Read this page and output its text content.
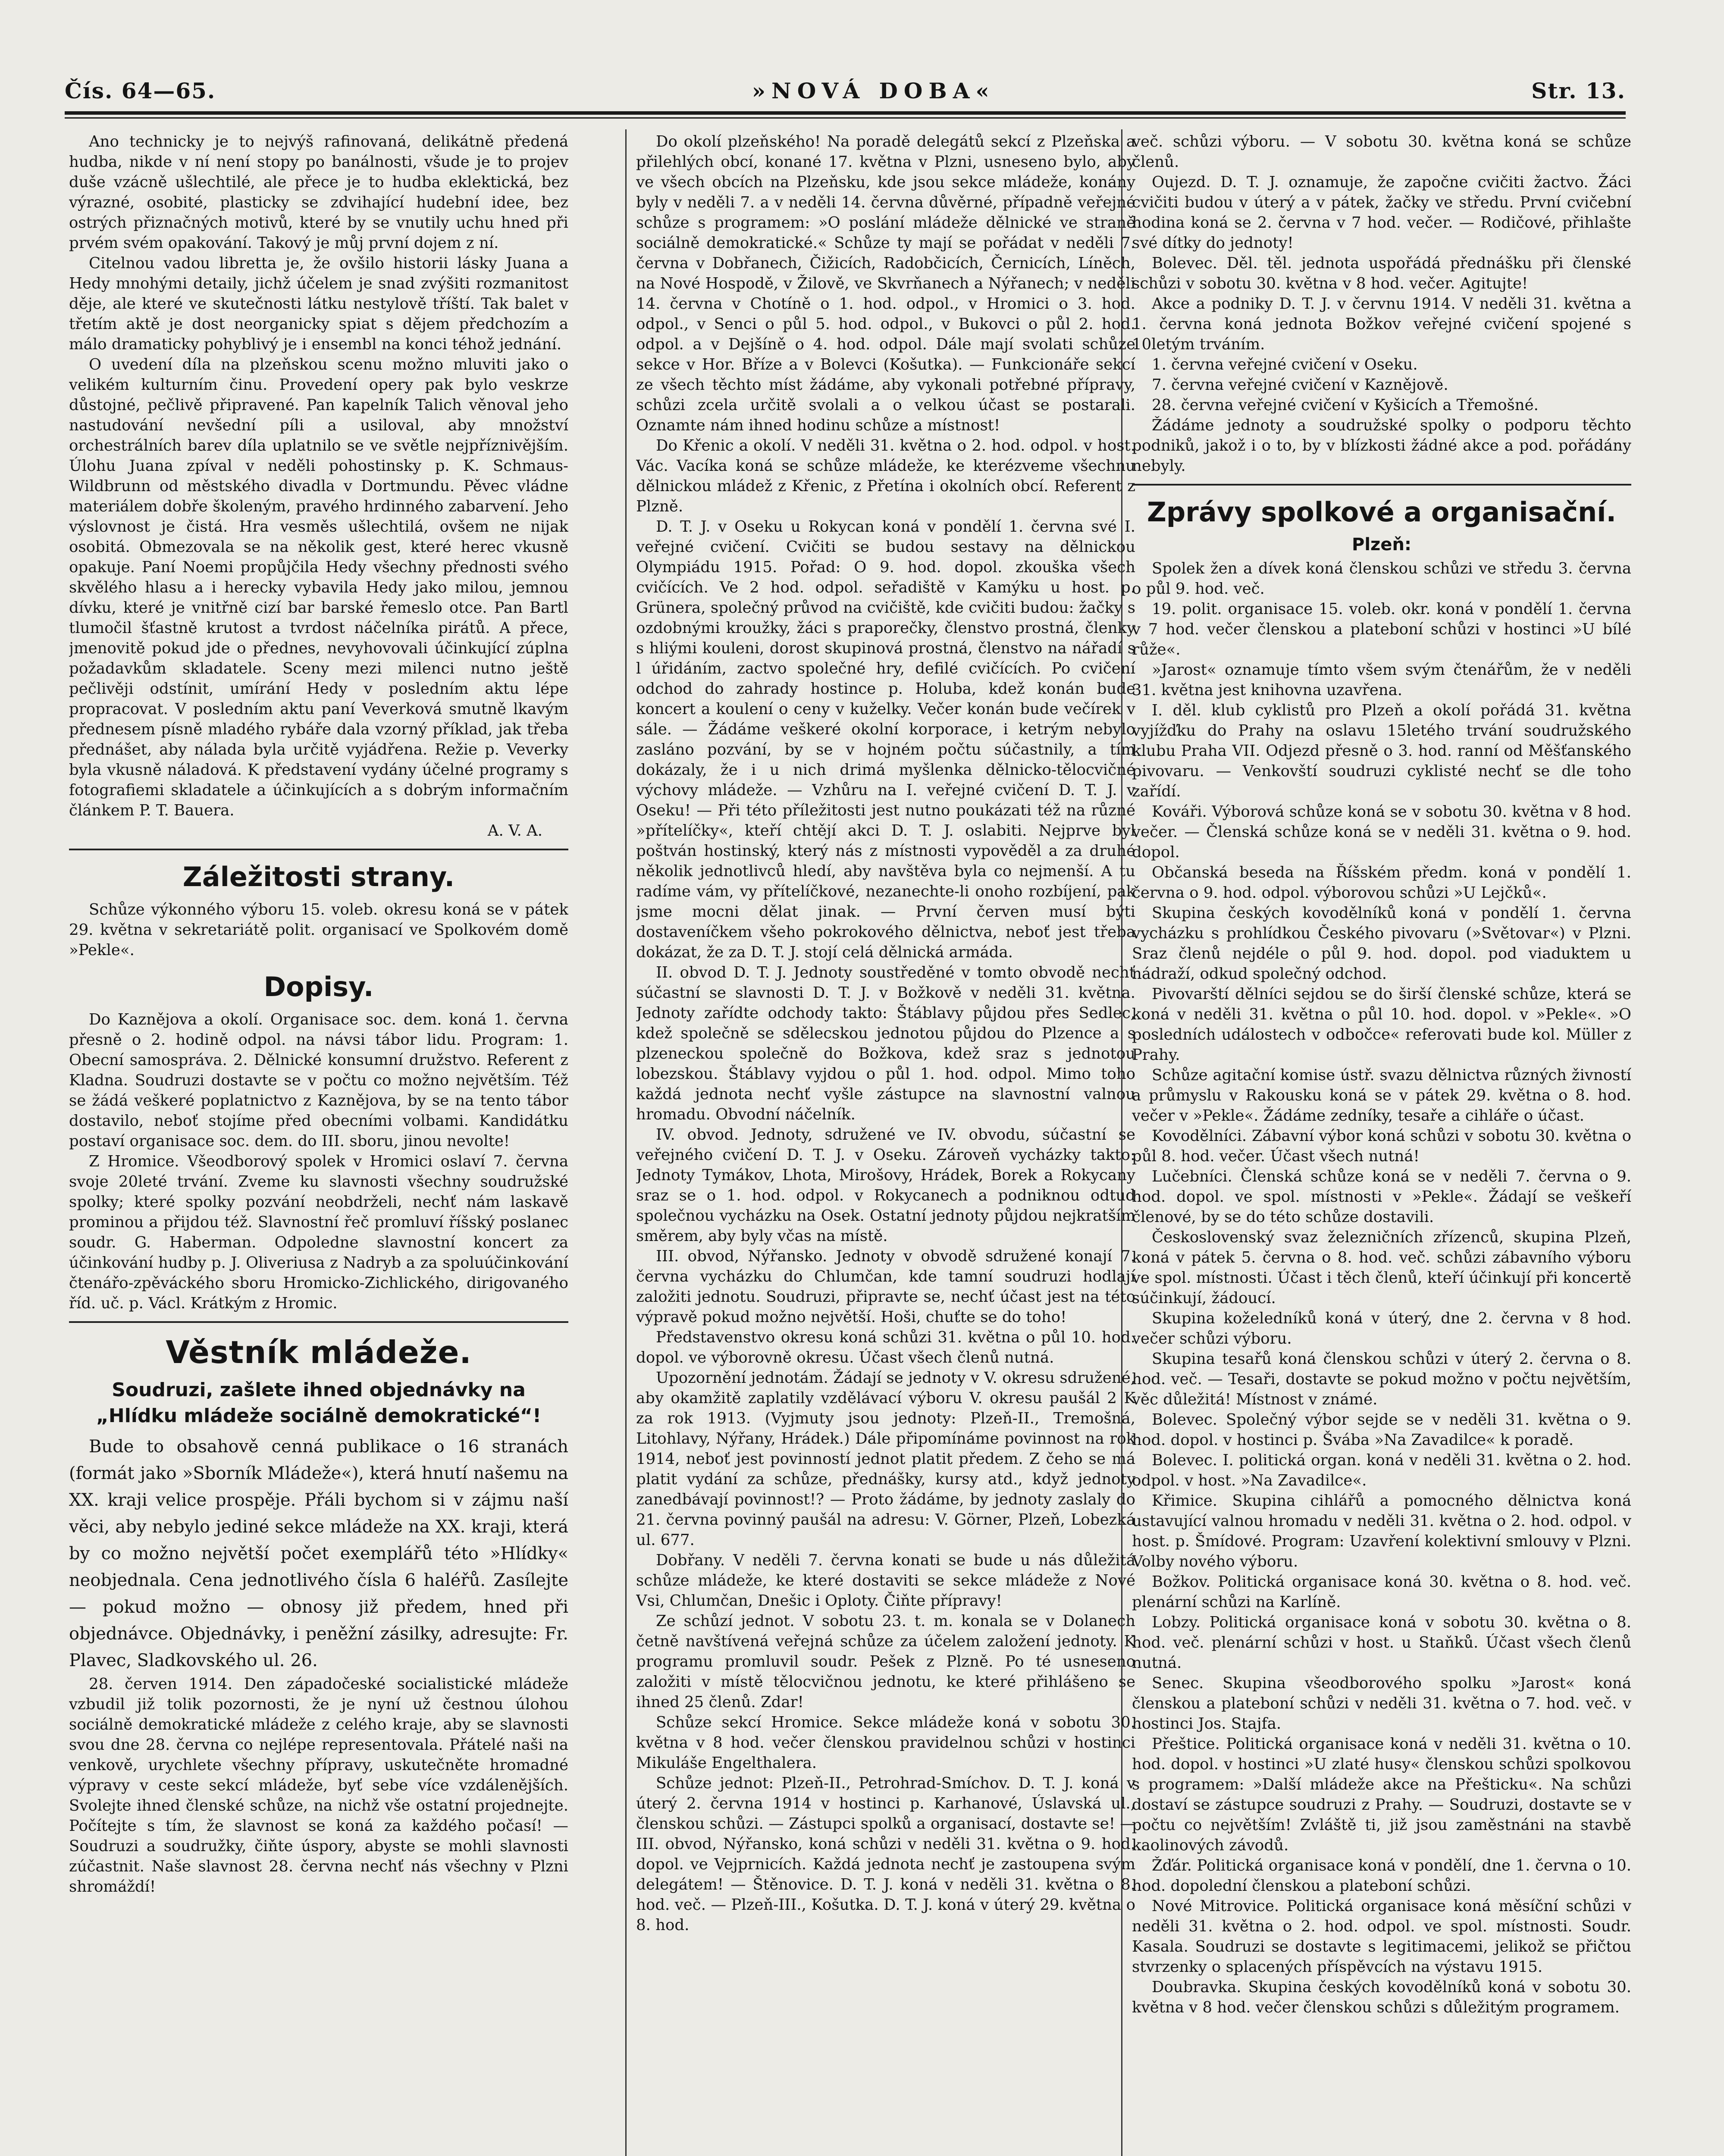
Čís. 64—65.	»NOVÁ DOBA«	Str. 13.

Ano technicky je to nejvýš rafinovaná, delikátně předená hudba, nikde v ní není stopy po banálnosti, všude je to projev duše vzácně ušlechtilé, ale přece je to hudba eklektická, bez výrazné, osobité, plasticky se zdvihající hudební idee, bez ostrých přiznačných motivů, které by se vnutily uchu hned při prvém svém opakování. Takový je můj první dojem z ní.

Citelnou vadou libretta je, že ovšilo historii lásky Juana a Hedy mnohými detaily, jichž účelem je snad zvýšiti rozmanitost děje, ale které ve skutečnosti látku nestylově tříští. Tak balet v třetím aktě je dost neorganicky spiat s dějem předchozím a málo dramaticky pohyblivý je i ensembl na konci téhož jednání.

O uvedení díla na plzeňskou scenu možno mluviti jako o velikém kulturním činu. Provedení opery pak bylo veskrze důstojné, pečlivě připravené. Pan kapelník Talich věnoval jeho nastudování nevšední píli a usiloval, aby množství orchestrálních barev díla uplatnilo se ve světle nejpříznivějším. Úlohu Juana zpíval v neděli pohostinsky p. K. Schmaus-Wildbrunn od městského divadla v Dortmundu. Pěvec vládne materiálem dobře školeným, pravého hrdinného zabarvení. Jeho výslovnost je čistá. Hra vesměs ušlechtilá, ovšem ne nijak osobitá. Obmezovala se na několik gest, které herec vkusně opakuje. Paní Noemi propůjčila Hedy všechny přednosti svého skvělého hlasu a i herecky vybavila Hedy jako milou, jemnou dívku, které je vnitřně cizí bar barské řemeslo otce. Pan Bartl tlumočil šťastně krutost a tvrdost náčelníka pirátů. A přece, jmenovitě pokud jde o přednes, nevyhovovali účinkující zúplna požadavkům skladatele. Sceny mezi milenci nutno ještě pečlivěji odstínit, umírání Hedy v posledním aktu lépe propracovat. V posledním aktu paní Veverková smutně lkavým přednesem písně mladého rybáře dala vzorný příklad, jak třeba přednášet, aby nálada byla určitě vyjádřena. Režie p. Veverky byla vkusně náladová. K představení vydány účelné programy s fotografiemi skladatele a účinkujících a s dobrým informačním článkem P. T. Bauera.

A. V. A.
Záležitosti strany.

Schůze výkonného výboru 15. voleb. okresu koná se v pátek 29. května v sekretariátě polit. organisací ve Spolkovém domě »Pekle«.

Dopisy.

Do Kaznějova a okolí. Organisace soc. dem. koná 1. června přesně o 2. hodině odpol. na návsi tábor lidu. Program: 1. Obecní samospráva. 2. Dělnické konsumní družstvo. Referent z Kladna. Soudruzi dostavte se v počtu co možno největším. Též se žádá veškeré poplatnictvo z Kaznějova, by se na tento tábor dostavilo, neboť stojíme před obecními volbami. Kandidátku postaví organisace soc. dem. do III. sboru, jinou nevolte!

Z Hromice. Všeodborový spolek v Hromici oslaví 7. června svoje 20leté trvání. Zveme ku slavnosti všechny soudružské spolky; které spolky pozvání neobdrželi, nechť nám laskavě prominou a přijdou též. Slavnostní řeč promluví říšský poslanec soudr. G. Haberman. Odpoledne slavnostní koncert za účinkování hudby p. J. Oliveriusa z Nadryb a za spoluúčinkování čtenářo-zpěváckého sboru Hromicko-Zichlického, dirigovaného říd. uč. p. Václ. Krátkým z Hromic.

Věstník mládeže.
Soudruzi, zašlete ihned objednávky na „Hlídku mládeže sociálně demokratické“!

Bude to obsahově cenná publikace o 16 stranách (formát jako »Sborník Mládeže«), která hnutí našemu na XX. kraji velice prospěje. Přáli bychom si v zájmu naší věci, aby nebylo jediné sekce mládeže na XX. kraji, která by co možno největší počet exemplářů této »Hlídky« neobjednala. Cena jednotlivého čísla 6 haléřů. Zasílejte — pokud možno — obnosy již předem, hned při objednávce. Objednávky, i peněžní zásilky, adresujte: Fr. Plavec, Sladkovského ul. 26.

28. červen 1914. Den západočeské socialistické mládeže vzbudil již tolik pozornosti, že je nyní už čestnou úlohou sociálně demokratické mládeže z celého kraje, aby se slavnosti svou dne 28. června co nejlépe representovala. Přátelé naši na venkově, urychlete všechny přípravy, uskutečněte hromadné výpravy v ceste sekcí mládeže, byť sebe více vzdálenějších. Svolejte ihned členské schůze, na nichž vše ostatní projednejte. Počítejte s tím, že slavnost se koná za každého počasí! — Soudruzi a soudružky, čiňte úspory, abyste se mohli slavnosti zúčastnit. Naše slavnost 28. června nechť nás všechny v Plzni shromáždí!

Do okolí plzeňského! Na poradě delegátů sekcí z Plzeňska a přilehlých obcí, konané 17. května v Plzni, usneseno bylo, aby ve všech obcích na Plzeňsku, kde jsou sekce mládeže, konány byly v neděli 7. a v neděli 14. června důvěrné, případně veřejné schůze s programem: »O poslání mládeže dělnické ve straně sociálně demokratické.« Schůze ty mají se pořádat v neděli 7. června v Dobřanech, Čižicích, Radobčicích, Černicích, Líněch, na Nové Hospodě, v Žilově, ve Skvrňanech a Nýřanech; v neděli 14. června v Chotíně o 1. hod. odpol., v Hromici o 3. hod. odpol., v Senci o půl 5. hod. odpol., v Bukovci o půl 2. hod. odpol. a v Dejšíně o 4. hod. odpol. Dále mají svolati schůze sekce v Hor. Bříze a v Bolevci (Košutka). — Funkcionáře sekcí ze všech těchto míst žádáme, aby vykonali potřebné přípravy, schůzi zcela určitě svolali a o velkou účast se postarali. Oznamte nám ihned hodinu schůze a místnost!

Do Křenic a okolí. V neděli 31. května o 2. hod. odpol. v host. Vác. Vacíka koná se schůze mládeže, ke kterézveme všechnu dělnickou mládež z Křenic, z Přetína i okolních obcí. Referent z Plzně.

D. T. J. v Oseku u Rokycan koná v pondělí 1. června své I. veřejné cvičení. Cvičiti se budou sestavy na dělnickou Olympiádu 1915. Pořad: O 9. hod. dopol. zkouška všech cvičících. Ve 2 hod. odpol. seřadiště v Kamýku u host. p. Grünera, společný průvod na cvičiště, kde cvičiti budou: žačky s ozdobnými kroužky, žáci s praporečky, členstvo prostná, členky s hliými kouleni, dorost skupinová prostná, členstvo na nářadí s l úřidáním, zactvo společné hry, defilé cvičících. Po cvičení odchod do zahrady hostince p. Holuba, kdež konán bude koncert a koulení o ceny v kuželky. Večer konán bude večírek v sále. — Žádáme veškeré okolní korporace, i ketrým nebylo zasláno pozvání, by se v hojném počtu súčastnily, a tím dokázaly, že i u nich drimá myšlenka dělnicko-tělocvičné výchovy mládeže. — Vzhůru na I. veřejné cvičení D. T. J. v Oseku! — Při této příležitosti jest nutno poukázati též na různé »přítelíčky«, kteří chtějí akci D. T. J. oslabiti. Nejprve byl poštván hostinský, který nás z místnosti vypověděl a za druhé několik jednotlivců hledí, aby navštěva byla co nejmenší. A tu radíme vám, vy přítelíčkové, nezanechte-li onoho rozbíjení, pak jsme mocni dělat jinak. — První červen musí býti dostaveníčkem všeho pokrokového dělnictva, neboť jest třeba dokázat, že za D. T. J. stojí celá dělnická armáda.

II. obvod D. T. J. Jednoty soustředěné v tomto obvodě nechť súčastní se slavnosti D. T. J. v Božkově v neděli 31. května. Jednoty zařídte odchody takto: Štáblavy půjdou přes Sedlec, kdež společně se sdělecskou jednotou půjdou do Plzence a s plzeneckou společně do Božkova, kdež sraz s jednotou lobezskou. Štáblavy vyjdou o půl 1. hod. odpol. Mimo toho každá jednota nechť vyšle zástupce na slavnostní valnou hromadu. Obvodní náčelník.

IV. obvod. Jednoty, sdružené ve IV. obvodu, súčastní se veřejného cvičení D. T. J. v Oseku. Zároveň vycházky takto: Jednoty Tymákov, Lhota, Mirošovy, Hrádek, Borek a Rokycany sraz se o 1. hod. odpol. v Rokycanech a podniknou odtud společnou vycházku na Osek. Ostatní jednoty půjdou nejkratším směrem, aby byly včas na místě.

III. obvod, Nýřansko. Jednoty v obvodě sdružené konají 7. června vycházku do Chlumčan, kde tamní soudruzi hodlají založiti jednotu. Soudruzi, připravte se, nechť účast jest na této výpravě pokud možno největší. Hoši, chuťte se do toho!

Představenstvo okresu koná schůzi 31. května o půl 10. hod. dopol. ve výborovně okresu. Účast všech členů nutná.

Upozornění jednotám. Žádají se jednoty v V. okresu sdružené, aby okamžitě zaplatily vzdělávací výboru V. okresu paušál 2 K za rok 1913. (Vyjmuty jsou jednoty: Plzeň-II., Tremošná, Litohlavy, Nýřany, Hrádek.) Dále připomínáme povinnost na rok 1914, neboť jest povinností jednot platit předem. Z čeho se má platit vydání za schůze, přednášky, kursy atd., když jednoty zanedbávají povinnost!? — Proto žádáme, by jednoty zaslaly do 21. června povinný paušál na adresu: V. Görner, Plzeň, Lobezká ul. 677.

Dobřany. V neděli 7. června konati se bude u nás důležitá schůze mládeže, ke které dostaviti se sekce mládeže z Nové Vsi, Chlumčan, Dnešic i Oploty. Čiňte přípravy!

Ze schůzí jednot. V sobotu 23. t. m. konala se v Dolanech četně navštívená veřejná schůze za účelem založení jednoty. K programu promluvil soudr. Pešek z Plzně. Po té usneseno založiti v místě tělocvičnou jednotu, ke které přihlášeno se ihned 25 členů. Zdar!

Schůze sekcí Hromice. Sekce mládeže koná v sobotu 30. května v 8 hod. večer členskou pravidelnou schůzi v hostinci Mikuláše Engelthalera.

Schůze jednot: Plzeň-II., Petrohrad-Smíchov. D. T. J. koná v úterý 2. června 1914 v hostinci p. Karhanové, Úslavská ul., členskou schůzi. — Zástupci spolků a organisací, dostavte se! — III. obvod, Nýřansko, koná schůzi v neděli 31. května o 9. hod. dopol. ve Vejprnicích. Každá jednota nechť je zastoupena svým delegátem! — Štěnovice. D. T. J. koná v neděli 31. května o 8. hod. več. — Plzeň-III., Košutka. D. T. J. koná v úterý 29. května o 8. hod.

več. schůzi výboru. — V sobotu 30. května koná se schůze členů.

Oujezd. D. T. J. oznamuje, že započne cvičiti žactvo. Žáci cvičiti budou v úterý a v pátek, žačky ve středu. První cvičební hodina koná se 2. června v 7 hod. večer. — Rodičové, přihlašte své dítky do jednoty!

Bolevec. Děl. těl. jednota uspořádá přednášku při členské schůzi v sobotu 30. května v 8 hod. večer. Agitujte!

Akce a podniky D. T. J. v červnu 1914. V neděli 31. května a 1. června koná jednota Božkov veřejné cvičení spojené s 10letým trváním.

1. června veřejné cvičení v Oseku.

7. června veřejné cvičení v Kaznějově.

28. června veřejné cvičení v Kyšicích a Třemošné.

Žádáme jednoty a soudružské spolky o podporu těchto podniků, jakož i o to, by v blízkosti žádné akce a pod. pořádány nebyly.

Zprávy spolkové a organisační.
Plzeň:

Spolek žen a dívek koná členskou schůzi ve středu 3. června o půl 9. hod. več.

19. polit. organisace 15. voleb. okr. koná v pondělí 1. června v 7 hod. večer členskou a plateboní schůzi v hostinci »U bílé růže«.

»Jarost« oznamuje tímto všem svým čtenářům, že v neděli 31. května jest knihovna uzavřena.

I. děl. klub cyklistů pro Plzeň a okolí pořádá 31. května vyjížďku do Prahy na oslavu 15letého trvání soudružského klubu Praha VII. Odjezd přesně o 3. hod. ranní od Měšťanského pivovaru. — Venkovští soudruzi cyklisté nechť se dle toho zařídí.

Kováři. Výborová schůze koná se v sobotu 30. května v 8 hod. večer. — Členská schůze koná se v neděli 31. května o 9. hod. dopol.

Občanská beseda na Říšském předm. koná v pondělí 1. června o 9. hod. odpol. výborovou schůzi »U Lejčků«.

Skupina českých kovodělníků koná v pondělí 1. června vycházku s prohlídkou Českého pivovaru (»Světovar«) v Plzni. Sraz členů nejdéle o půl 9. hod. dopol. pod viaduktem u nádraží, odkud společný odchod.

Pivovarští dělníci sejdou se do širší členské schůze, která se koná v neděli 31. května o půl 10. hod. dopol. v »Pekle«. »O posledních událostech v odbočce« referovati bude kol. Müller z Prahy.

Schůze agitační komise ústř. svazu dělnictva různých živností a průmyslu v Rakousku koná se v pátek 29. května o 8. hod. večer v »Pekle«. Žádáme zedníky, tesaře a cihláře o účast.

Kovodělníci. Zábavní výbor koná schůzi v sobotu 30. května o půl 8. hod. večer. Účast všech nutná!

Lučebníci. Členská schůze koná se v neděli 7. června o 9. hod. dopol. ve spol. místnosti v »Pekle«. Žádají se veškeří členové, by se do této schůze dostavili.

Československý svaz železničních zřízenců, skupina Plzeň, koná v pátek 5. června o 8. hod. več. schůzi zábavního výboru ve spol. místnosti. Účast i těch členů, kteří účinkují při koncertě súčinkují, žádoucí.

Skupina koželedníků koná v úterý, dne 2. června v 8 hod. večer schůzi výboru.

Skupina tesařů koná členskou schůzi v úterý 2. června o 8. hod. več. — Tesaři, dostavte se pokud možno v počtu největším, věc důležitá! Místnost v známé.

Bolevec. Společný výbor sejde se v neděli 31. května o 9. hod. dopol. v hostinci p. Švába »Na Zavadilce« k poradě.

Bolevec. I. politická organ. koná v neděli 31. května o 2. hod. odpol. v host. »Na Zavadilce«.

Křimice. Skupina cihlářů a pomocného dělnictva koná ustavující valnou hromadu v neděli 31. května o 2. hod. odpol. v host. p. Šmídové. Program: Uzavření kolektivní smlouvy v Plzni. Volby nového výboru.

Božkov. Politická organisace koná 30. května o 8. hod. več. plenární schůzi na Karlíně.

Lobzy. Politická organisace koná v sobotu 30. května o 8. hod. več. plenární schůzi v host. u Staňků. Účast všech členů nutná.

Senec. Skupina všeodborového spolku »Jarost« koná členskou a plateboní schůzi v neděli 31. května o 7. hod. več. v hostinci Jos. Stajfa.

Přeštice. Politická organisace koná v neděli 31. května o 10. hod. dopol. v hostinci »U zlaté husy« členskou schůzi spolkovou s programem: »Další mládeže akce na Přešticku«. Na schůzi dostaví se zástupce soudruzi z Prahy. — Soudruzi, dostavte se v počtu co největším! Zvláště ti, již jsou zaměstnáni na stavbě kaolinových závodů.

Žďár. Politická organisace koná v pondělí, dne 1. června o 10. hod. dopolední členskou a plateboní schůzi.

Nové Mitrovice. Politická organisace koná měsíční schůzi v neděli 31. května o 2. hod. odpol. ve spol. místnosti. Soudr. Kasala. Soudruzi se dostavte s legitimacemi, jelikož se přičtou stvrzenky o splacených příspěvcích na výstavu 1915.

Doubravka. Skupina českých kovodělníků koná v sobotu 30. května v 8 hod. večer členskou schůzi s důležitým programem.
